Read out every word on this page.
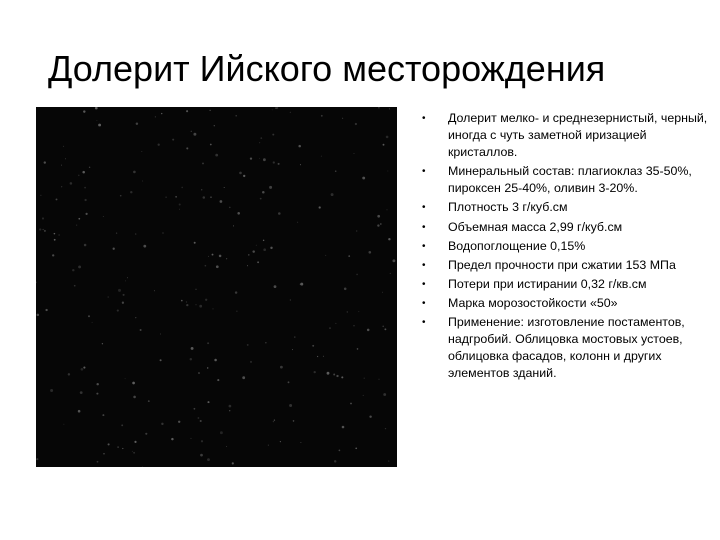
Долерит Ийского месторождения
• Долерит мелко- и среднезернистый, черный, иногда с чуть заметной иризацией кристаллов.
• Минеральный состав: плагиоклаз 35-50%, пироксен 25-40%, оливин 3-20%.
• Плотность 3 г/куб.см
• Объемная масса 2,99 г/куб.см
• Водопоглощение 0,15%
• Предел прочности при сжатии 153 МПа
• Потери при истирании 0,32 г/кв.см
• Марка морозостойкости «50»
• Применение: изготовление постаментов, надгробий. Облицовка мостовых устоев, облицовка фасадов, колонн и других элементов зданий.
